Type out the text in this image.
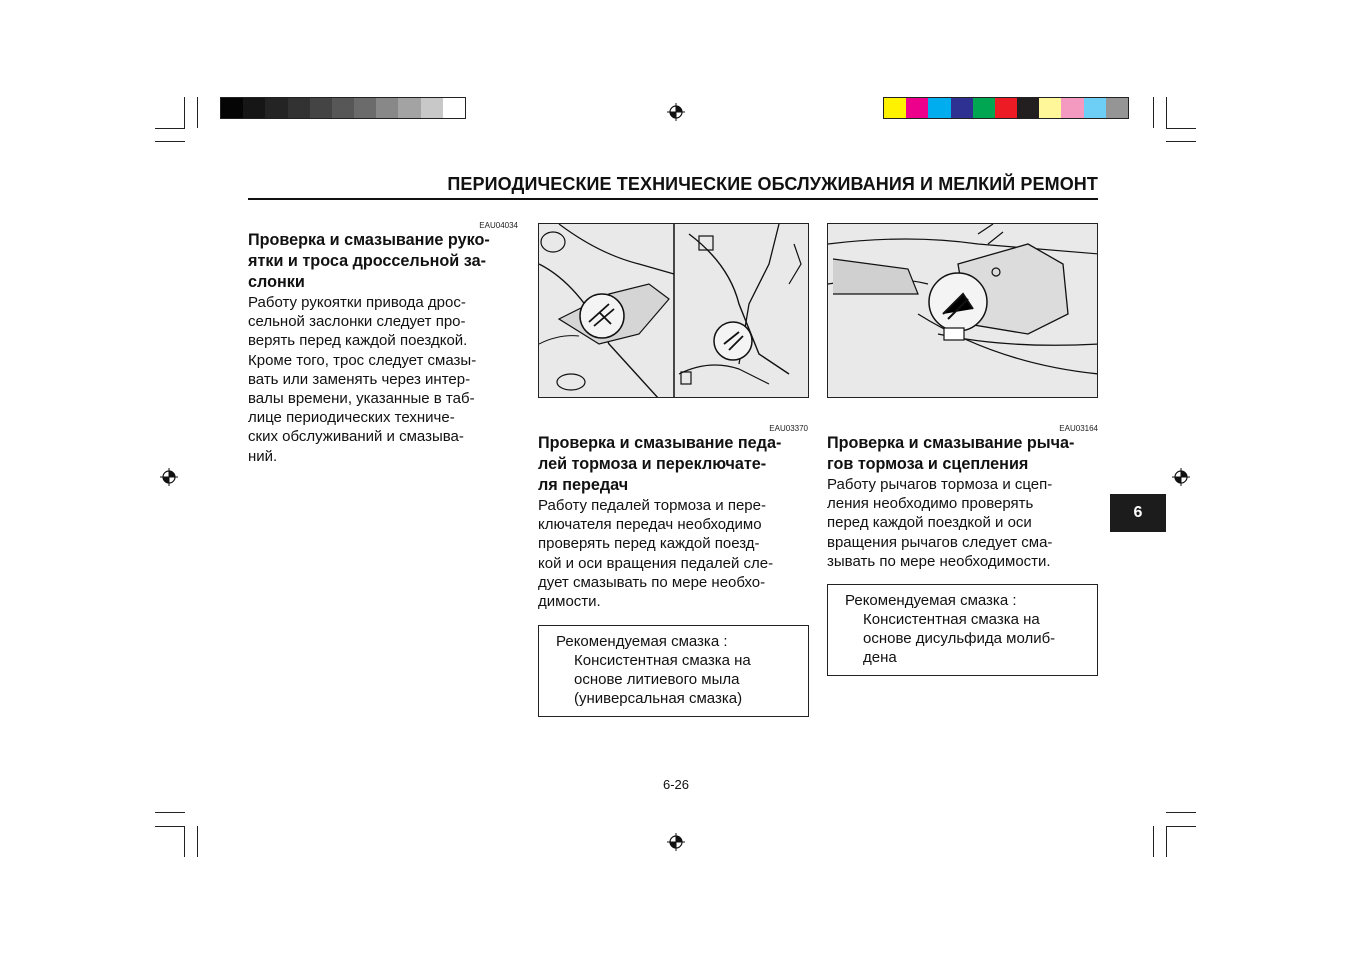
ПЕРИОДИЧЕСКИЕ ТЕХНИЧЕСКИЕ ОБСЛУЖИВАНИЯ И МЕЛКИЙ РЕМОНТ
EAU04034
Проверка и смазывание руко-
ятки и троса дроссельной за-
слонки
Работу рукоятки привода дрос-
сельной заслонки следует про-
верять перед каждой поездкой.
Кроме того, трос следует смазы-
вать или заменять через интер-
валы времени, указанные в таб-
лице периодических техниче-
ских обслуживаний и смазыва-
ний.
EAU03370
Проверка и смазывание педа-
лей тормоза и переключате-
ля передач
Работу педалей тормоза и пере-
ключателя передач необходимо
проверять перед каждой поезд-
кой и оси вращения педалей сле-
дует смазывать по мере необхо-
димости.
Рекомендуемая смазка :
Консистентная смазка на
основе литиевого мыла
(универсальная смазка)
EAU03164
Проверка и смазывание рыча-
гов тормоза и сцепления
Работу рычагов тормоза и сцеп-
ления необходимо проверять
перед каждой поездкой и оси
вращения рычагов следует сма-
зывать по мере необходимости.
Рекомендуемая смазка :
Консистентная смазка на
основе дисульфида молиб-
дена
6
6-26
